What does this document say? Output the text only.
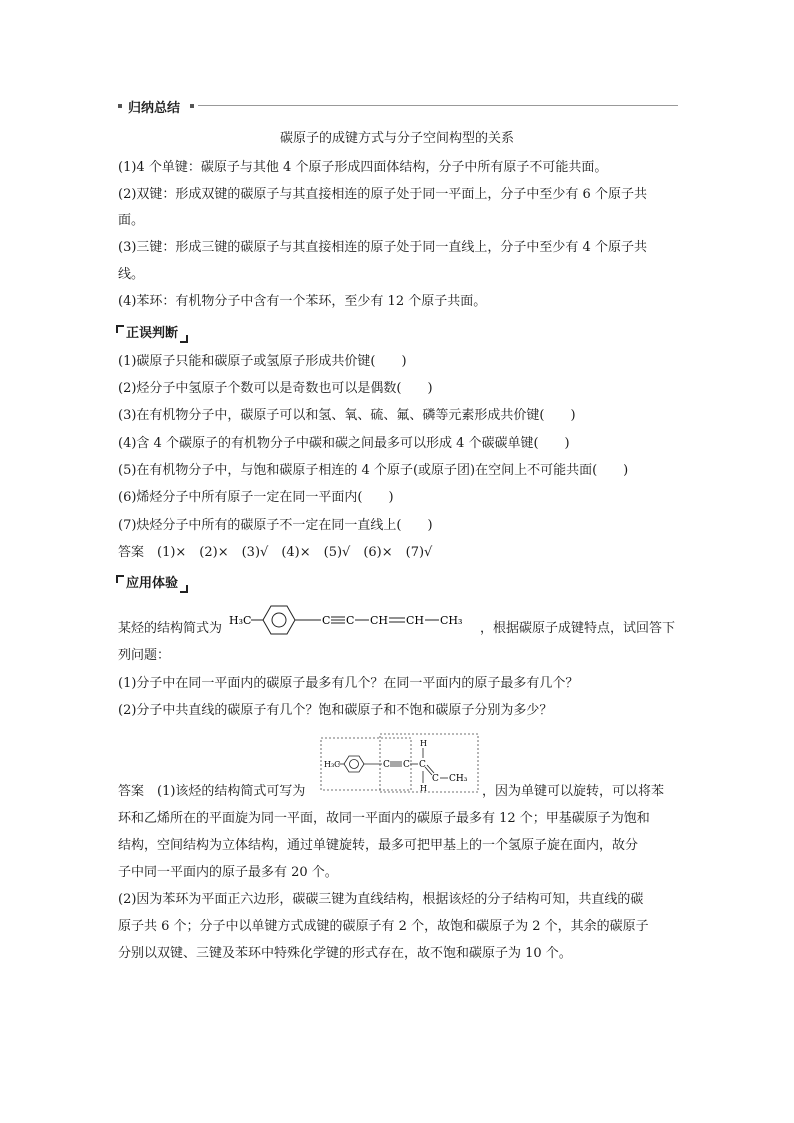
归纳总结
碳原子的成键方式与分子空间构型的关系
(1)4 个单键：碳原子与其他 4 个原子形成四面体结构，分子中所有原子不可能共面。
(2)双键：形成双键的碳原子与其直接相连的原子处于同一平面上，分子中至少有 6 个原子共
面。
(3)三键：形成三键的碳原子与其直接相连的原子处于同一直线上，分子中至少有 4 个原子共
线。
(4)苯环：有机物分子中含有一个苯环，至少有 12 个原子共面。
正误判断
(1)碳原子只能和碳原子或氢原子形成共价键(　　)
(2)烃分子中氢原子个数可以是奇数也可以是偶数(　　)
(3)在有机物分子中，碳原子可以和氢、氧、硫、氟、磷等元素形成共价键(　　)
(4)含 4 个碳原子的有机物分子中碳和碳之间最多可以形成 4 个碳碳单键(　　)
(5)在有机物分子中，与饱和碳原子相连的 4 个原子(或原子团)在空间上不可能共面(　　)
(6)烯烃分子中所有原子一定在同一平面内(　　)
(7)炔烃分子中所有的碳原子不一定在同一直线上(　　)
答案　(1)×　(2)×　(3)√　(4)×　(5)√　(6)×　(7)√
应用体验
某烃的结构简式为
H₃C	C C CH CH CH₃
，根据碳原子成键特点，试回答下
列问题：
(1)分子中在同一平面内的碳原子最多有几个？在同一平面内的原子最多有几个？
(2)分子中共直线的碳原子有几个？饱和碳原子和不饱和碳原子分别为多少？
答案　(1)该烃的结构简式可写为
H₃C	C C C
H
C
H
CH₃
，因为单键可以旋转，可以将苯
环和乙烯所在的平面旋为同一平面，故同一平面内的碳原子最多有 12 个；甲基碳原子为饱和
结构，空间结构为立体结构，通过单键旋转，最多可把甲基上的一个氢原子旋在面内，故分
子中同一平面内的原子最多有 20 个。
(2)因为苯环为平面正六边形，碳碳三键为直线结构，根据该烃的分子结构可知，共直线的碳
原子共 6 个；分子中以单键方式成键的碳原子有 2 个，故饱和碳原子为 2 个，其余的碳原子
分别以双键、三键及苯环中特殊化学键的形式存在，故不饱和碳原子为 10 个。
